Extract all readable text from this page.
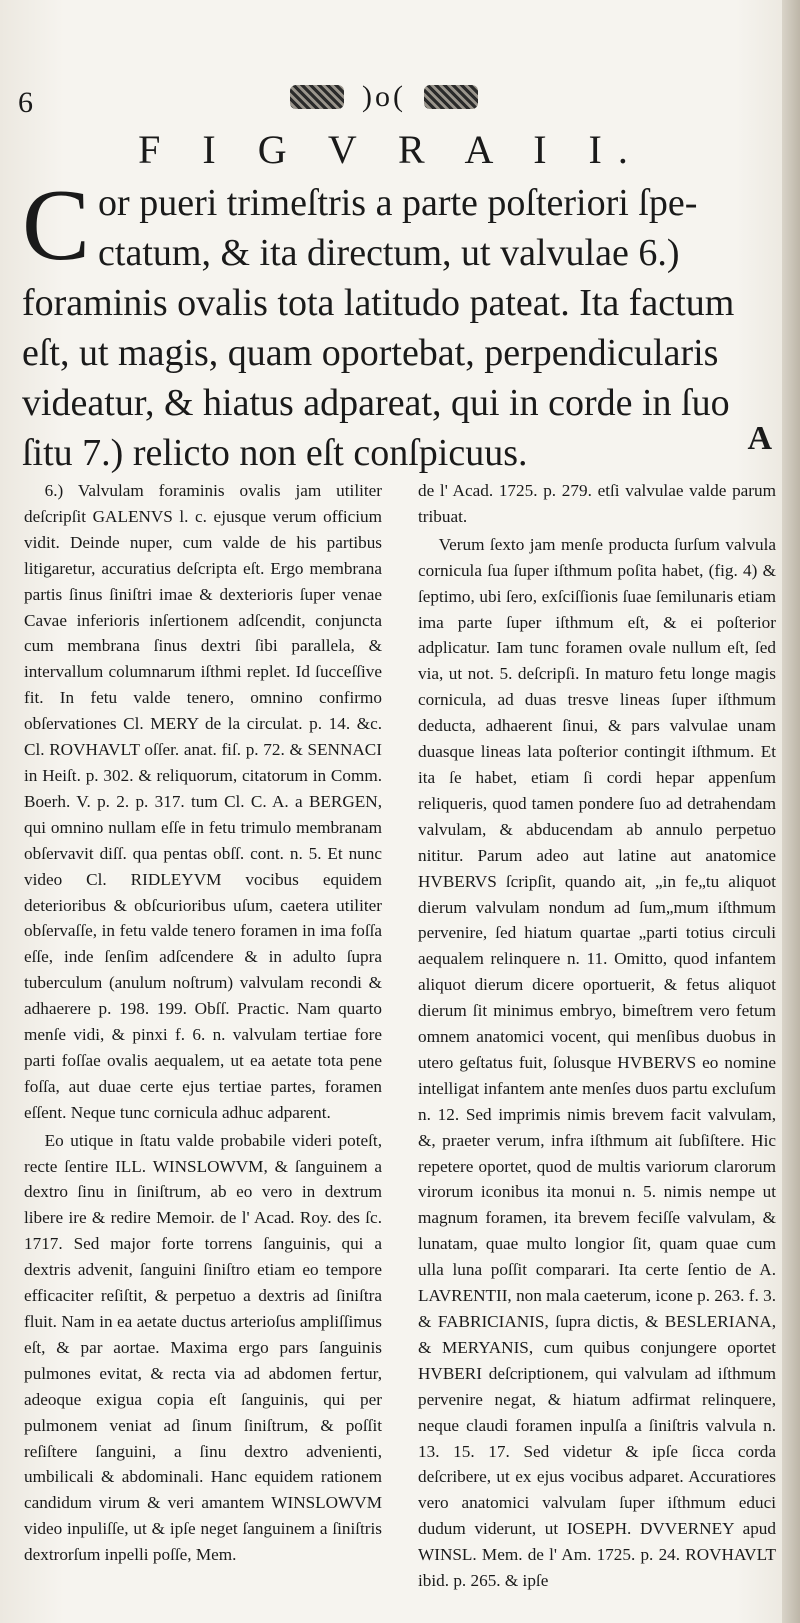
6	)o(
F I G V R A I I.
C or pueri trimeſtris a parte poſteriori ſpe-ctatum, & ita directum, ut valvulae 6.) foraminis ovalis tota latitudo pateat. Ita factum eſt, ut magis, quam oportebat, perpendicularis videatur, & hiatus adpareat, qui in corde in ſuo ſitu 7.) relicto non eſt conſpicuus.	A

6.) Valvulam foraminis ovalis jam utiliter deſcripſit GALENVS l. c. ejusque verum officium vidit. Deinde nuper, cum valde de his partibus litigaretur, accuratius deſcripta eſt. Ergo membrana partis ſinus ſiniſtri imae & dexterioris ſuper venae Cavae inferioris inſertionem adſcendit, conjuncta cum membrana ſinus dextri ſibi parallela, & intervallum columnarum iſthmi replet. Id ſucceſſive fit. In fetu valde tenero, omnino confirmo obſervationes Cl. MERY de la circulat. p. 14. &c. Cl. ROVHAVLT oſſer. anat. fiſ. p. 72. & SENNACI in Heiſt. p. 302. & reliquorum, citatorum in Comm. Boerh. V. p. 2. p. 317. tum Cl. C. A. a BERGEN, qui omnino nullam eſſe in fetu trimulo membranam obſervavit diſſ. qua pentas obſſ. cont. n. 5. Et nunc video Cl. RIDLEYVM vocibus equidem deterioribus & obſcurioribus uſum, caetera utiliter obſervaſſe, in fetu valde tenero foramen in ima foſſa eſſe, inde ſenſim adſcendere & in adulto ſupra tuberculum (anulum noſtrum) valvulam recondi & adhaerere p. 198. 199. Obſſ. Practic. Nam quarto menſe vidi, & pinxi f. 6. n. valvulam tertiae fore parti foſſae ovalis aequalem, ut ea aetate tota pene foſſa, aut duae certe ejus tertiae partes, foramen eſſent. Neque tunc cornicula adhuc adparent.

Eo utique in ſtatu valde probabile videri poteſt, recte ſentire ILL. WINSLOWVM, & ſanguinem a dextro ſinu in ſiniſtrum, ab eo vero in dextrum libere ire & redire Memoir. de l' Acad. Roy. des ſc. 1717. Sed major forte torrens ſanguinis, qui a dextris advenit, ſanguini ſiniſtro etiam eo tempore efficaciter reſiſtit, & perpetuo a dextris ad ſiniſtra fluit. Nam in ea aetate ductus arterioſus ampliſſimus eſt, & par aortae. Maxima ergo pars ſanguinis pulmones evitat, & recta via ad abdomen fertur, adeoque exigua copia eſt ſanguinis, qui per pulmonem veniat ad ſinum ſiniſtrum, & poſſit reſiſtere ſanguini, a ſinu dextro advenienti, umbilicali & abdominali. Hanc equidem rationem candidum virum & veri amantem WINSLOWVM video inpuliſſe, ut & ipſe neget ſanguinem a ſiniſtris dextrorſum inpelli poſſe, Mem.

de l' Acad. 1725. p. 279. etſi valvulae valde parum tribuat.

Verum ſexto jam menſe producta ſurſum valvula cornicula ſua ſuper iſthmum poſita habet, (fig. 4) & ſeptimo, ubi ſero, exſciſſionis ſuae ſemilunaris etiam ima parte ſuper iſthmum eſt, & ei poſterior adplicatur. Iam tunc foramen ovale nullum eſt, ſed via, ut not. 5. deſcripſi. In maturo fetu longe magis cornicula, ad duas tresve lineas ſuper iſthmum deducta, adhaerent ſinui, & pars valvulae unam duasque lineas lata poſterior contingit iſthmum. Et ita ſe habet, etiam ſi cordi hepar appenſum reliqueris, quod tamen pondere ſuo ad detrahendam valvulam, & abducendam ab annulo perpetuo nititur. Parum adeo aut latine aut anatomice HVBERVS ſcripſit, quando ait, „in fe„tu aliquot dierum valvulam nondum ad ſum„mum iſthmum pervenire, ſed hiatum quartae „parti totius circuli aequalem relinquere n. 11. Omitto, quod infantem aliquot dierum dicere oportuerit, & fetus aliquot dierum ſit minimus embryo, bimeſtrem vero fetum omnem anatomici vocent, qui menſibus duobus in utero geſtatus fuit, ſolusque HVBERVS eo nomine intelligat infantem ante menſes duos partu excluſum n. 12. Sed imprimis nimis brevem facit valvulam, &, praeter verum, infra iſthmum ait ſubſiſtere. Hic repetere oportet, quod de multis variorum clarorum virorum iconibus ita monui n. 5. nimis nempe ut magnum foramen, ita brevem feciſſe valvulam, & lunatam, quae multo longior ſit, quam quae cum ulla luna poſſit comparari. Ita certe ſentio de A. LAVRENTII, non mala caeterum, icone p. 263. f. 3. & FABRICIANIS, ſupra dictis, & BESLERIANA, & MERYANIS, cum quibus conjungere oportet HVBERI deſcriptionem, qui valvulam ad iſthmum pervenire negat, & hiatum adfirmat relinquere, neque claudi foramen inpulſa a ſiniſtris valvula n. 13. 15. 17. Sed videtur & ipſe ſicca corda deſcribere, ut ex ejus vocibus adparet. Accuratiores vero anatomici valvulam ſuper iſthmum educi dudum viderunt, ut IOSEPH. DVVERNEY apud WINSL. Mem. de l' Am. 1725. p. 24. ROVHAVLT ibid. p. 265. & ipſe
